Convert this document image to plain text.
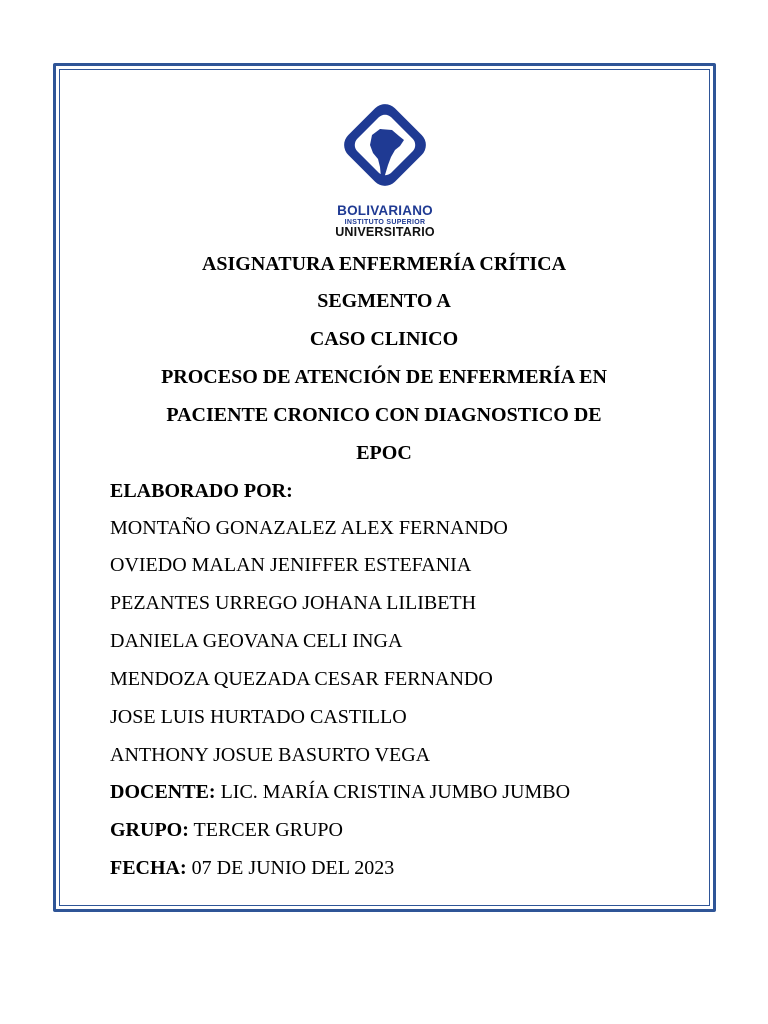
BOLIVARIANO
INSTITUTO SUPERIOR
UNIVERSITARIO
ASIGNATURA ENFERMERÍA CRÍTICA
SEGMENTO A
CASO CLINICO
PROCESO DE ATENCIÓN DE ENFERMERÍA EN
PACIENTE CRONICO CON DIAGNOSTICO DE
EPOC
ELABORADO POR:
MONTAÑO GONAZALEZ ALEX FERNANDO
OVIEDO MALAN JENIFFER ESTEFANIA
PEZANTES URREGO JOHANA LILIBETH
DANIELA GEOVANA CELI INGA
MENDOZA QUEZADA CESAR FERNANDO
JOSE LUIS HURTADO CASTILLO
ANTHONY JOSUE BASURTO VEGA
DOCENTE: LIC. MARÍA CRISTINA JUMBO JUMBO
GRUPO: TERCER GRUPO
FECHA: 07 DE JUNIO DEL 2023
